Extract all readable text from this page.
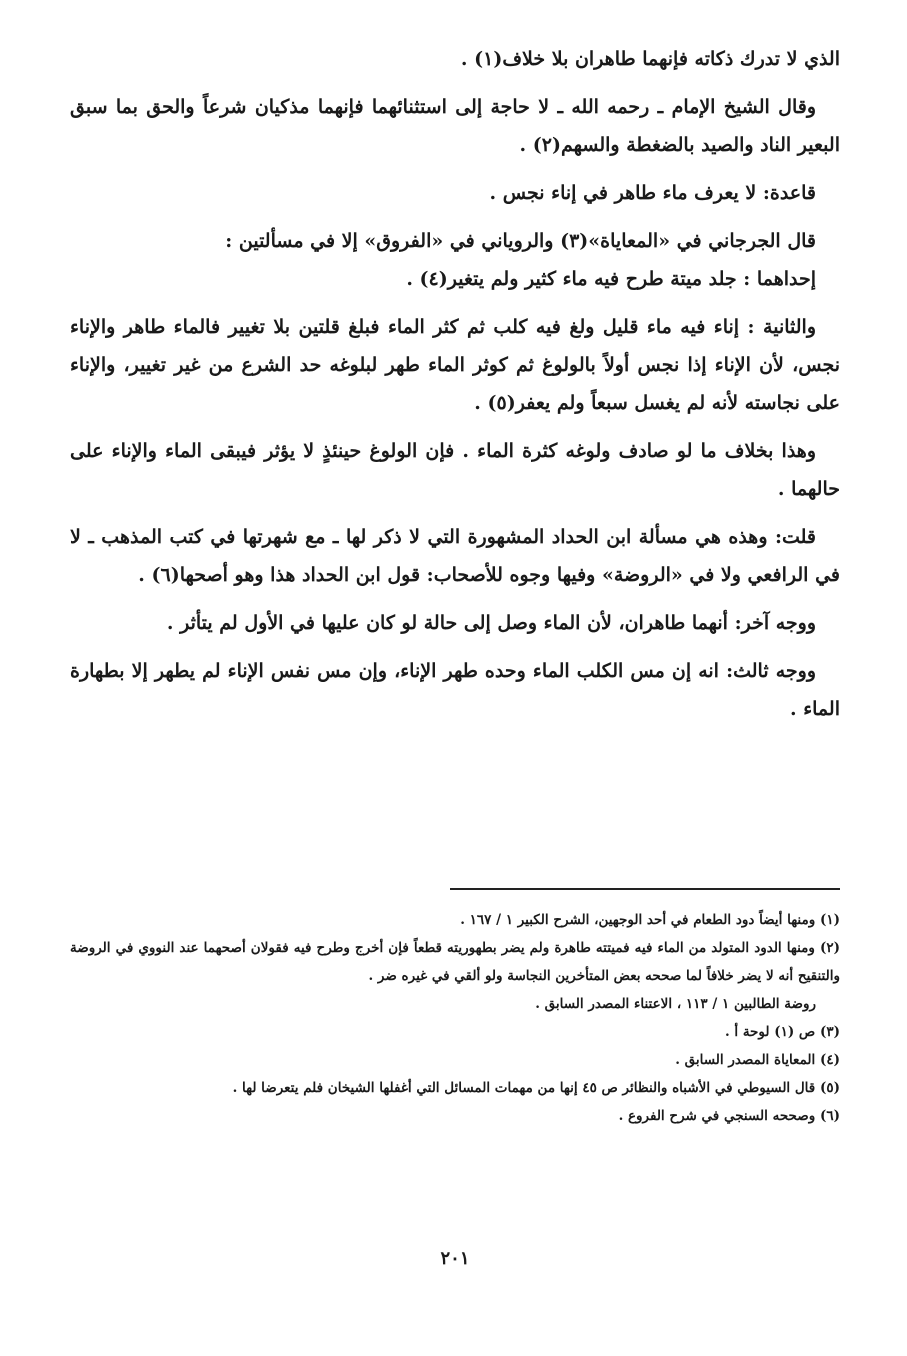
الذي لا تدرك ذكاته فإنهما طاهران بلا خلاف(١) .

وقال الشيخ الإمام ـ رحمه الله ـ لا حاجة إلى استثنائهما فإنهما مذكيان شرعاً والحق بما سبق البعير الناد والصيد بالضغطة والسهم(٢) .

قاعدة: لا يعرف ماء طاهر في إناء نجس .

قال الجرجاني في «المعاياة»(٣) والروياني في «الفروق» إلا في مسألتين :

إحداهما : جلد ميتة طرح فيه ماء كثير ولم يتغير(٤) .

والثانية : إناء فيه ماء قليل ولغ فيه كلب ثم كثر الماء فبلغ قلتين بلا تغيير فالماء طاهر والإناء نجس، لأن الإناء إذا نجس أولاً بالولوغ ثم كوثر الماء طهر لبلوغه حد الشرع من غير تغيير، والإناء على نجاسته لأنه لم يغسل سبعاً ولم يعفر(٥) .

وهذا بخلاف ما لو صادف ولوغه كثرة الماء . فإن الولوغ حينئذٍ لا يؤثر فيبقى الماء والإناء على حالهما .

قلت: وهذه هي مسألة ابن الحداد المشهورة التي لا ذكر لها ـ مع شهرتها في كتب المذهب ـ لا في الرافعي ولا في «الروضة» وفيها وجوه للأصحاب: قول ابن الحداد هذا وهو أصحها(٦) .

ووجه آخر: أنهما طاهران، لأن الماء وصل إلى حالة لو كان عليها في الأول لم يتأثر .

ووجه ثالث: انه إن مس الكلب الماء وحده طهر الإناء، وإن مس نفس الإناء لم يطهر إلا بطهارة الماء .

(١) ومنها أيضاً دود الطعام في أحد الوجهين، الشرح الكبير ١ / ١٦٧ .

(٢) ومنها الدود المتولد من الماء فيه فميتته طاهرة ولم يضر بطهوريته قطعاً فإن أخرج وطرح فيه فقولان أصحهما عند النووي في الروضة والتنقيح أنه لا يضر خلافاً لما صححه بعض المتأخرين النجاسة ولو ألقي في غيره ضر .

روضة الطالبين ١ / ١١٣ ، الاعتناء المصدر السابق .

(٣) ص (١) لوحة أ .

(٤) المعاياة المصدر السابق .

(٥) قال السيوطي في الأشباه والنظائر ص ٤٥ إنها من مهمات المسائل التي أغفلها الشيخان فلم يتعرضا لها .

(٦) وصححه السنجي في شرح الفروع .

٢٠١
